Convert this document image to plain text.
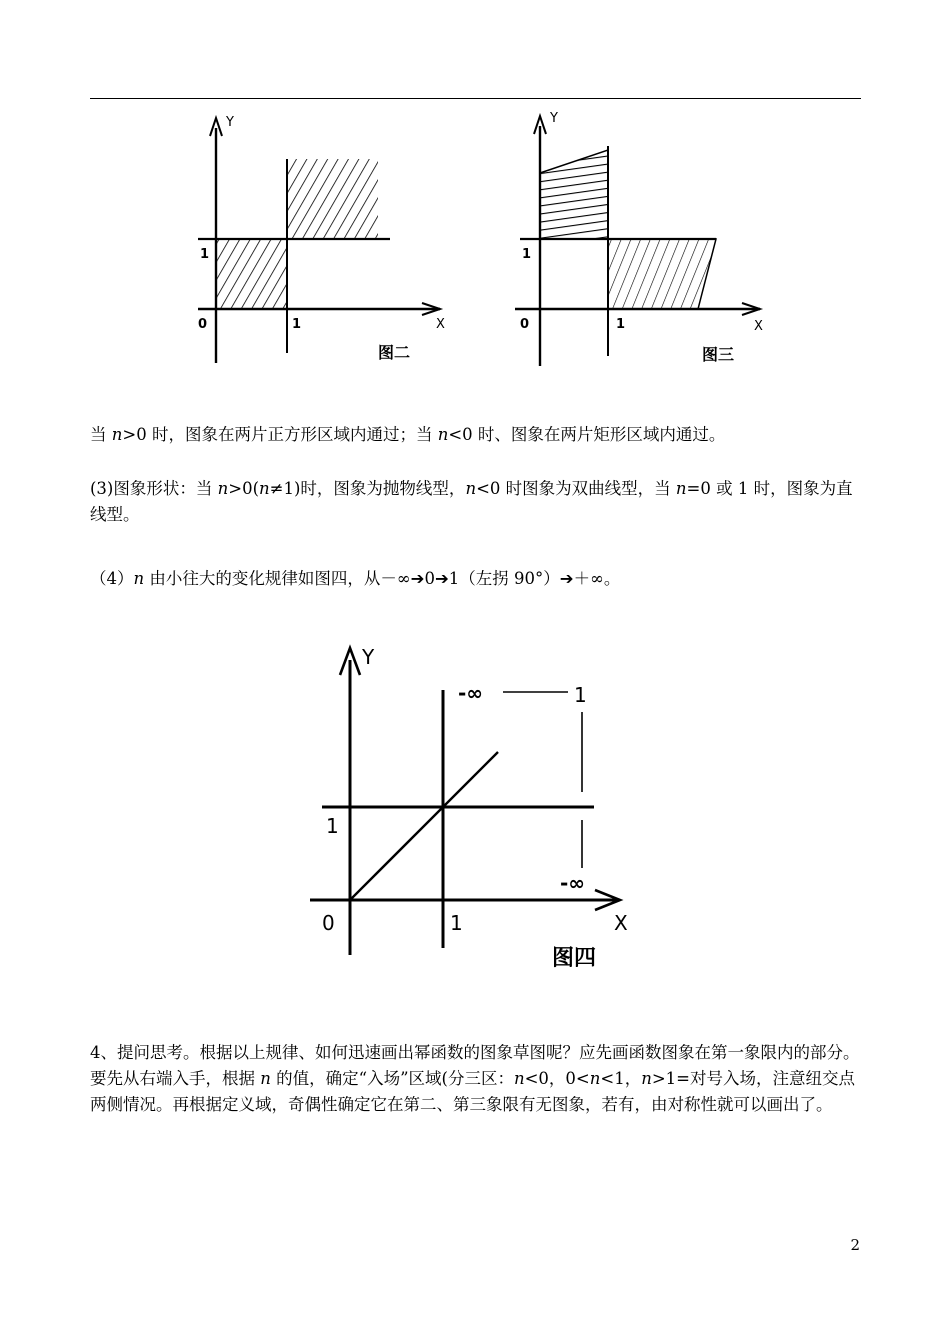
Y
X
0	1
1
图二
Y
X
0	1
1
图三

当 n>0 时，图象在两片正方形区域内通过；当 n<0 时、图象在两片矩形区域内通过。

(3)图象形状：当 n>0(n≠1)时，图象为抛物线型，n<0 时图象为双曲线型，当 n=0 或 1 时，图象为直线型。

（4）n 由小往大的变化规律如图四，从－∞➔0➔1（左拐 90°）➔＋∞。

Y
X
0	1
1
-∞	1
-∞
图四

4、提问思考。根据以上规律、如何迅速画出幂函数的图象草图呢？应先画函数图象在第一象限内的部分。要先从右端入手，根据 n 的值，确定“入场”区域(分三区：n<0，0<n<1，n>1=对号入场，注意纽交点两侧情况。再根据定义域，奇偶性确定它在第二、第三象限有无图象，若有，由对称性就可以画出了。

2
